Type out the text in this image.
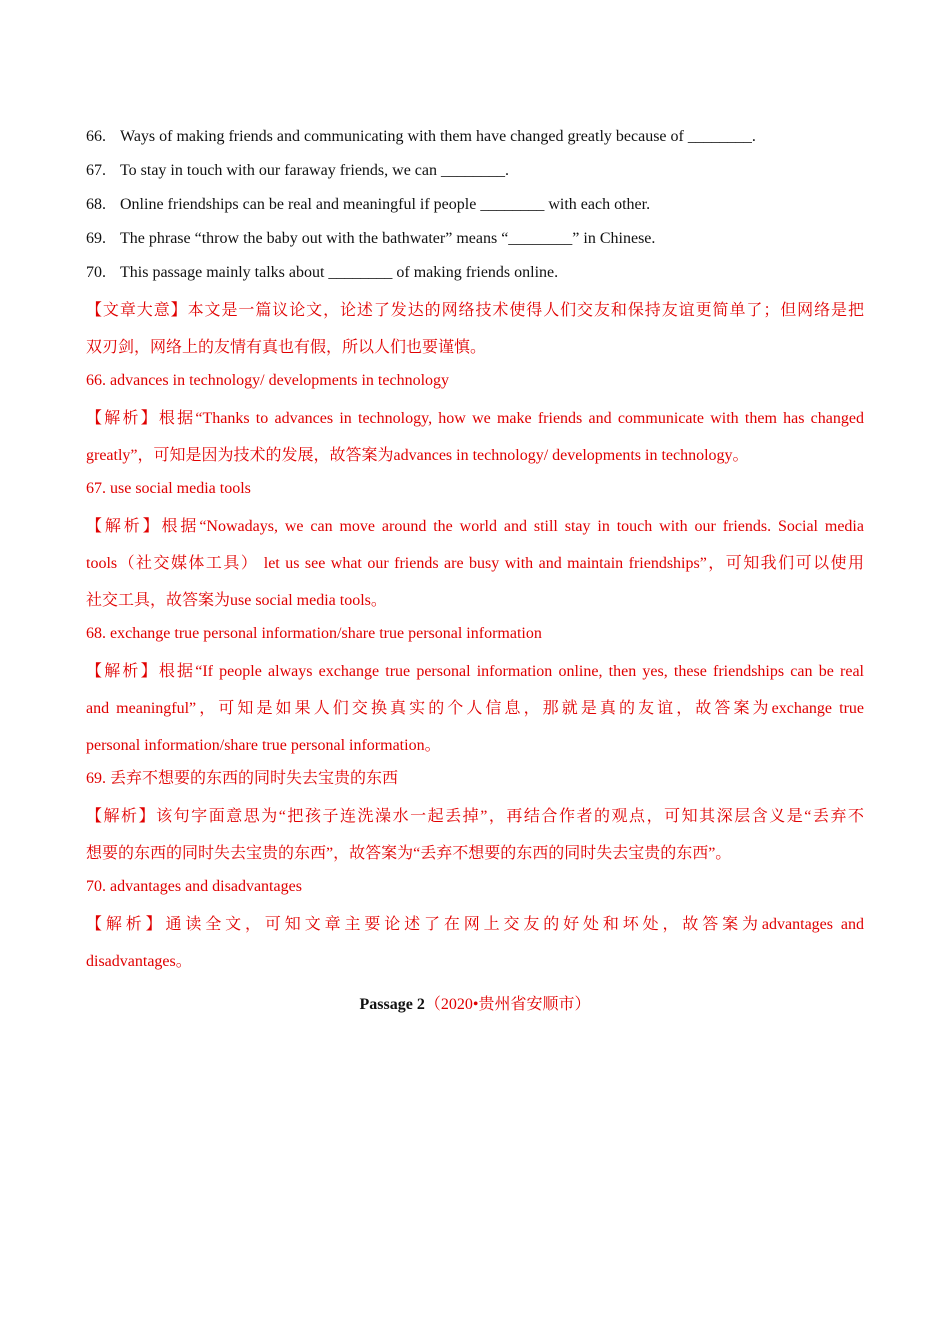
66. Ways of making friends and communicating with them have changed greatly because of ________.
67. To stay in touch with our faraway friends, we can ________.
68. Online friendships can be real and meaningful if people ________ with each other.
69. The phrase “throw the baby out with the bathwater” means “________” in Chinese.
70. This passage mainly talks about ________ of making friends online.
【文章大意】本文是一篇议论文，论述了发达的网络技术使得人们交友和保持友谊更简单了；但网络是把
双刃剑，网络上的友情有真也有假，所以人们也要谨慎。
66. advances in technology/ developments in technology
【解析】根据“Thanks to advances in technology, how we make friends and communicate with them has changed
greatly”，可知是因为技术的发展，故答案为advances in technology/ developments in technology。
67. use social media tools
【解析】根据“Nowadays, we can move around the world and still stay in touch with our friends. Social media
tools（社交媒体工具） let us see what our friends are busy with and maintain friendships”，可知我们可以使用
社交工具，故答案为use social media tools。
68. exchange true personal information/share true personal information
【解析】根据“If people always exchange true personal information online, then yes, these friendships can be real
and meaningful”，可知是如果人们交换真实的个人信息，那就是真的友谊，故答案为exchange true
personal information/share true personal information。
69. 丢弃不想要的东西的同时失去宝贵的东西
【解析】该句字面意思为“把孩子连洗澡水一起丢掉”，再结合作者的观点，可知其深层含义是“丢弃不
想要的东西的同时失去宝贵的东西”，故答案为“丢弃不想要的东西的同时失去宝贵的东西”。
70. advantages and disadvantages
【解析】通读全文，可知文章主要论述了在网上交友的好处和坏处，故答案为advantages and
disadvantages。
Passage 2（2020•贵州省安顺市）
